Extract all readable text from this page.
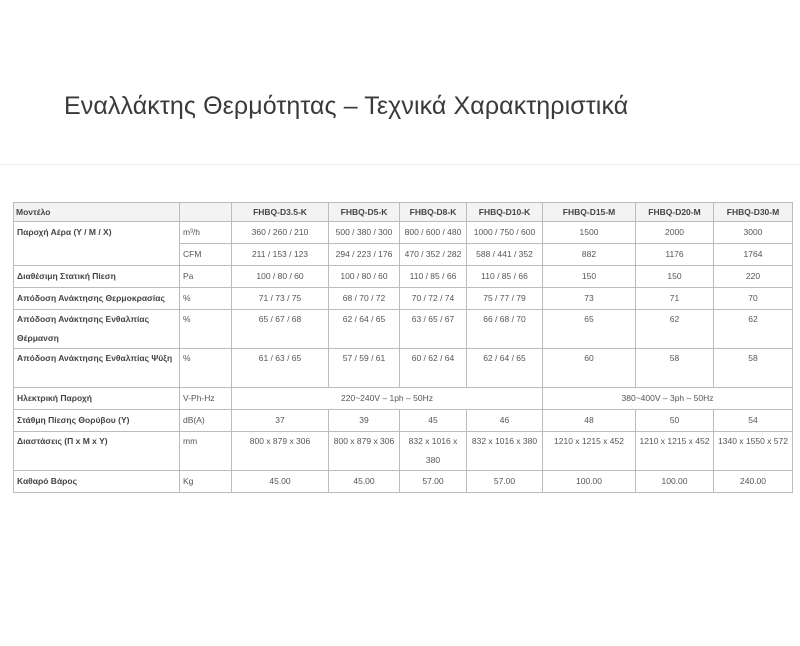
Εναλλάκτης Θερμότητας – Τεχνικά Χαρακτηριστικά
Μοντέλο		FHBQ-D3.5-K	FHBQ-D5-K	FHBQ-D8-K	FHBQ-D10-K	FHBQ-D15-M	FHBQ-D20-M	FHBQ-D30-M
Παροχή Αέρα (Y / M / X)	m³/h	360 / 260 / 210	500 / 380 / 300	800 / 600 / 480	1000 / 750 / 600	1500	2000	3000
	CFM	211 / 153 / 123	294 / 223 / 176	470 / 352 / 282	588 / 441 / 352	882	1176	1764
Διαθέσιμη Στατική Πίεση	Pa	100 / 80 / 60	100 / 80 / 60	110 / 85 / 66	110 / 85 / 66	150	150	220
Απόδοση Ανάκτησης Θερμοκρασίας	%	71 / 73 / 75	68 / 70 / 72	70 / 72 / 74	75 / 77 / 79	73	71	70
Απόδοση Ανάκτησης Ενθαλπίας Θέρμανση	%	65 / 67 / 68	62 / 64 / 65	63 / 65 / 67	66 / 68 / 70	65	62	62
Απόδοση Ανάκτησης Ενθαλπίας Ψύξη	%	61 / 63 / 65	57 / 59 / 61	60 / 62 / 64	62 / 64 / 65	60	58	58
Ηλεκτρική Παροχή	V-Ph-Hz	220~240V – 1ph – 50Hz				380~400V – 3ph – 50Hz		
Στάθμη Πίεσης Θορύβου (Y)	dB(A)	37	39	45	46	48	50	54
Διαστάσεις (Π x M x Y)	mm	800 x 879 x 306	800 x 879 x 306	832 x 1016 x 380	832 x 1016 x 380	1210 x 1215 x 452	1210 x 1215 x 452	1340 x 1550 x 572
Καθαρό Βάρος	Kg	45.00	45.00	57.00	57.00	100.00	100.00	240.00
